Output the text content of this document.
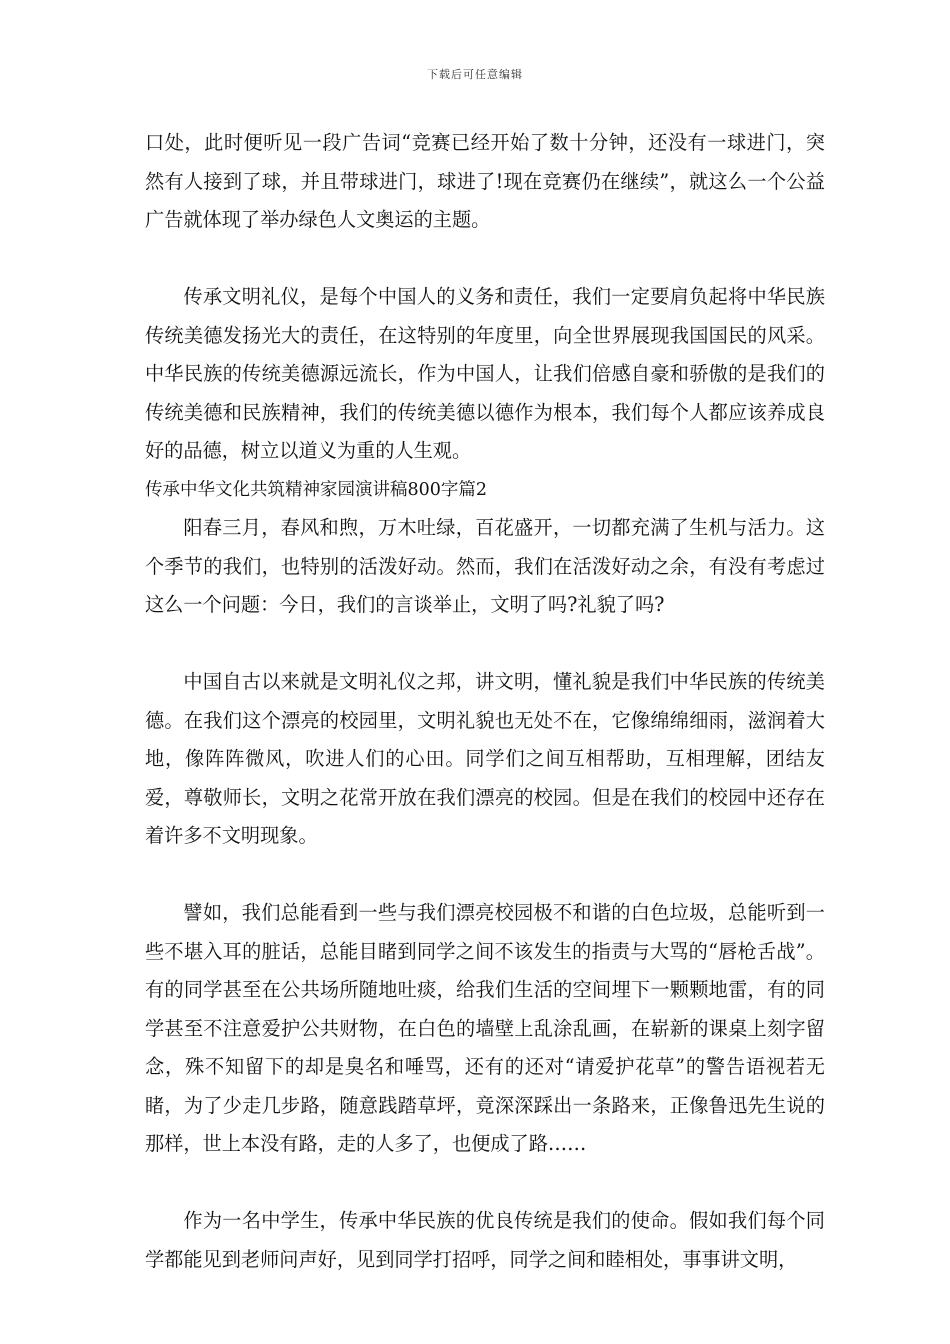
下载后可任意编辑

口处，此时便听见一段广告词“竞赛已经开始了数十分钟，还没有一球进门，突然有人接到了球，并且带球进门，球进了!现在竞赛仍在继续”，就这么一个公益广告就体现了举办绿色人文奥运的主题。

传承文明礼仪，是每个中国人的义务和责任，我们一定要肩负起将中华民族传统美德发扬光大的责任，在这特别的年度里，向全世界展现我国国民的风采。中华民族的传统美德源远流长，作为中国人，让我们倍感自豪和骄傲的是我们的传统美德和民族精神，我们的传统美德以德作为根本，我们每个人都应该养成良好的品德，树立以道义为重的人生观。

传承中华文化共筑精神家园演讲稿800字篇2

阳春三月，春风和煦，万木吐绿，百花盛开，一切都充满了生机与活力。这个季节的我们，也特别的活泼好动。然而，我们在活泼好动之余，有没有考虑过这么一个问题：今日，我们的言谈举止，文明了吗?礼貌了吗?

中国自古以来就是文明礼仪之邦，讲文明，懂礼貌是我们中华民族的传统美德。在我们这个漂亮的校园里，文明礼貌也无处不在，它像绵绵细雨，滋润着大地，像阵阵微风，吹进人们的心田。同学们之间互相帮助，互相理解，团结友爱，尊敬师长，文明之花常开放在我们漂亮的校园。但是在我们的校园中还存在着许多不文明现象。

譬如，我们总能看到一些与我们漂亮校园极不和谐的白色垃圾，总能听到一些不堪入耳的脏话，总能目睹到同学之间不该发生的指责与大骂的“唇枪舌战”。有的同学甚至在公共场所随地吐痰，给我们生活的空间埋下一颗颗地雷，有的同学甚至不注意爱护公共财物，在白色的墙壁上乱涂乱画，在崭新的课桌上刻字留念，殊不知留下的却是臭名和唾骂，还有的还对“请爱护花草”的警告语视若无睹，为了少走几步路，随意践踏草坪，竟深深踩出一条路来，正像鲁迅先生说的那样，世上本没有路，走的人多了，也便成了路……

作为一名中学生，传承中华民族的优良传统是我们的使命。假如我们每个同学都能见到老师问声好，见到同学打招呼，同学之间和睦相处，事事讲文明，
